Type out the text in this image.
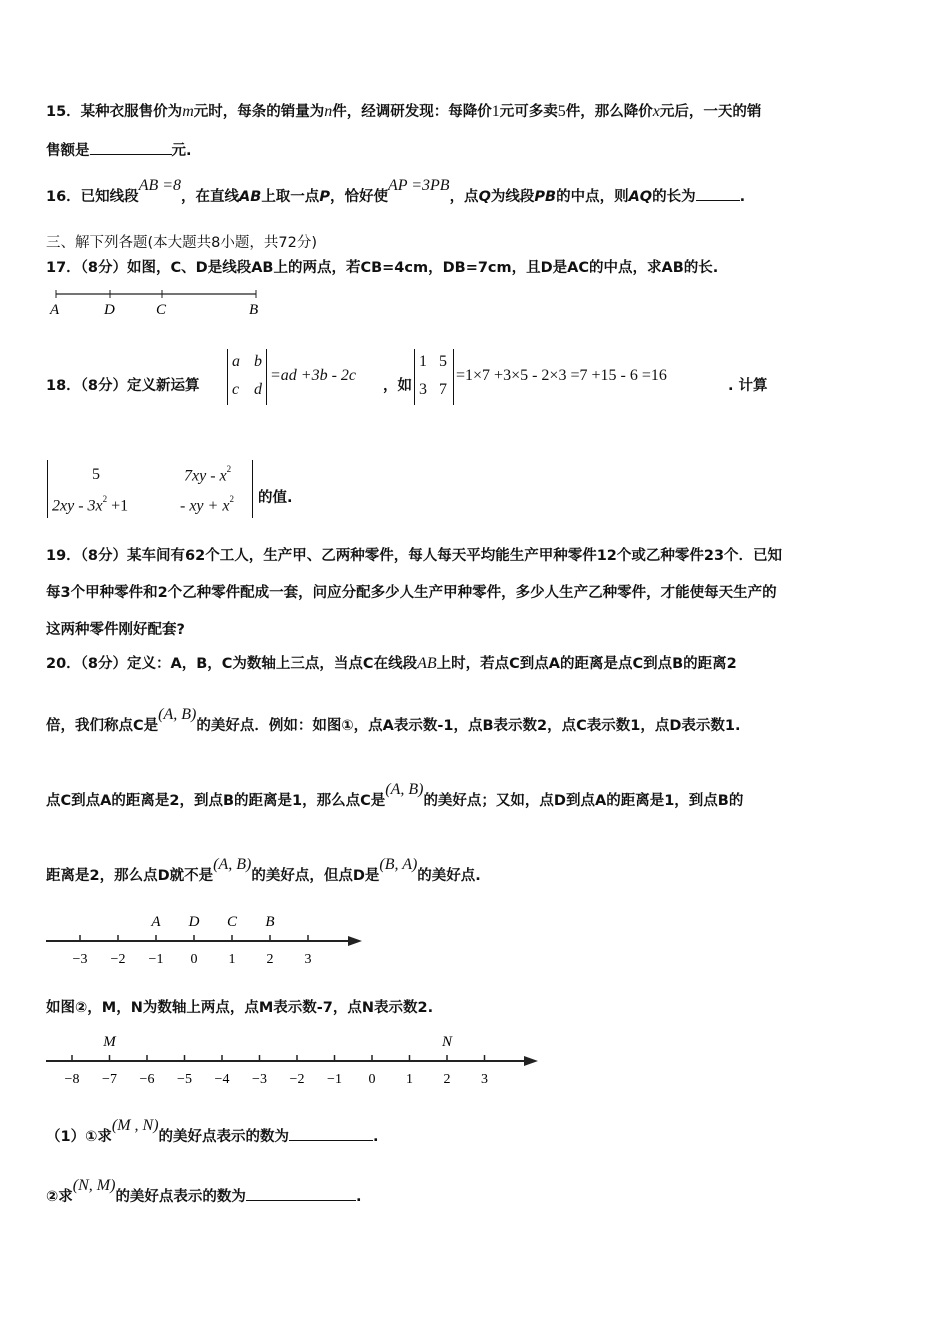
15．某种衣服售价为m元时，每条的销量为n件，经调研发现：每降价1元可多卖5件，那么降价x元后，一天的销
售额是	元.
16．已知线段AB =8，在直线AB上取一点P，恰好使AP =3PB，点Q为线段PB的中点，则AQ的长为	.
三、解下列各题(本大题共8小题，共72分)
17．（8分）如图，C、D是线段AB上的两点，若CB=4cm，DB=7cm，且D是AC的中点，求AB的长.
A	D	C	B
18．（8分）定义新运算
a b
c d
=ad +3b - 2c
，如
1 5
3 7
=1×7 +3×5 - 2×3 =7 +15 - 6 =16
. 计算
5	$7xy - x^2$
$2xy - 3x^2 +1$	- xy + $x^2$ 的值.
19．（8分）某车间有62个工人，生产甲、乙两种零件，每人每天平均能生产甲种零件12个或乙种零件23个．已知
每3个甲种零件和2个乙种零件配成一套，问应分配多少人生产甲种零件，多少人生产乙种零件，才能使每天生产的
这两种零件刚好配套?
20．（8分）定义：A，B，C为数轴上三点，当点C在线段AB上时，若点C到点A的距离是点C到点B的距离2
倍，我们称点C是(A, B)的美好点．例如：如图①，点A表示数-1，点B表示数2，点C表示数1，点D表示数1.
点C到点A的距离是2，到点B的距离是1，那么点C是(A, B)的美好点；又如，点D到点A的距离是1，到点B的
距离是2，那么点D就不是(A, B)的美好点，但点D是(B, A)的美好点.
−3 −2 −1 0 1 2 3
A D C B
如图②，M，N为数轴上两点，点M表示数-7，点N表示数2.
−8 −7 −6 −5 −4 −3 −2 −1 0 1 2 3
M	N
（1）①求(M , N)的美好点表示的数为	.
②求(N, M)的美好点表示的数为	.
